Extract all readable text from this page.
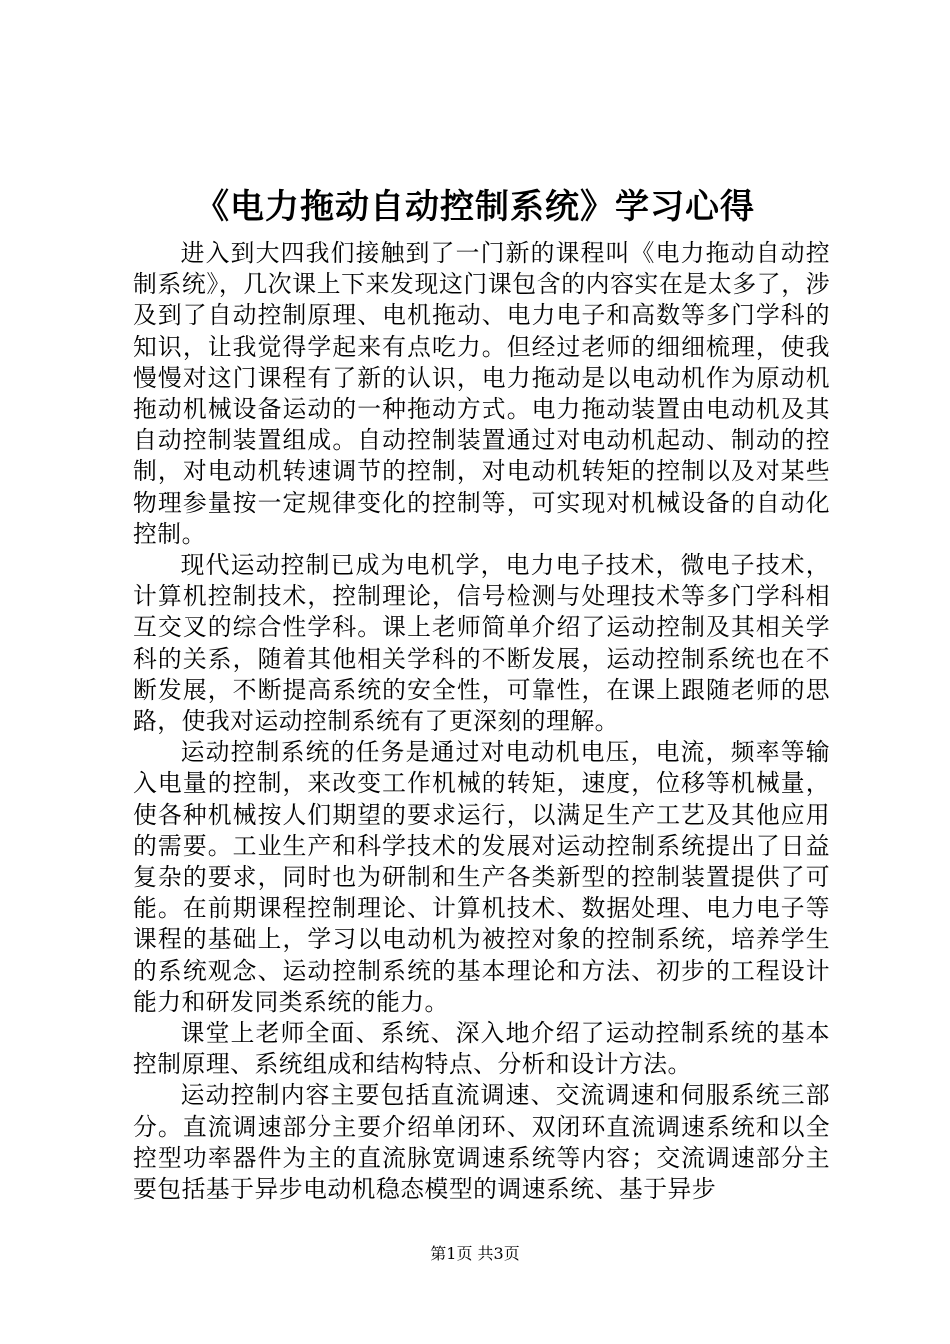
《电力拖动自动控制系统》学习心得

进入到大四我们接触到了一门新的课程叫《电力拖动自动控制系统》，几次课上下来发现这门课包含的内容实在是太多了，涉及到了自动控制原理、电机拖动、电力电子和高数等多门学科的知识，让我觉得学起来有点吃力。但经过老师的细细梳理，使我慢慢对这门课程有了新的认识，电力拖动是以电动机作为原动机拖动机械设备运动的一种拖动方式。电力拖动装置由电动机及其自动控制装置组成。自动控制装置通过对电动机起动、制动的控制，对电动机转速调节的控制，对电动机转矩的控制以及对某些物理参量按一定规律变化的控制等，可实现对机械设备的自动化控制。

现代运动控制已成为电机学，电力电子技术，微电子技术，计算机控制技术，控制理论，信号检测与处理技术等多门学科相互交叉的综合性学科。课上老师简单介绍了运动控制及其相关学科的关系，随着其他相关学科的不断发展，运动控制系统也在不断发展，不断提高系统的安全性，可靠性，在课上跟随老师的思路，使我对运动控制系统有了更深刻的理解。

运动控制系统的任务是通过对电动机电压，电流，频率等输入电量的控制，来改变工作机械的转矩，速度，位移等机械量，使各种机械按人们期望的要求运行，以满足生产工艺及其他应用的需要。工业生产和科学技术的发展对运动控制系统提出了日益复杂的要求，同时也为研制和生产各类新型的控制装置提供了可能。在前期课程控制理论、计算机技术、数据处理、电力电子等课程的基础上，学习以电动机为被控对象的控制系统，培养学生的系统观念、运动控制系统的基本理论和方法、初步的工程设计能力和研发同类系统的能力。

课堂上老师全面、系统、深入地介绍了运动控制系统的基本控制原理、系统组成和结构特点、分析和设计方法。

运动控制内容主要包括直流调速、交流调速和伺服系统三部分。直流调速部分主要介绍单闭环、双闭环直流调速系统和以全控型功率器件为主的直流脉宽调速系统等内容；交流调速部分主要包括基于异步电动机稳态模型的调速系统、基于异步

第1页 共3页
